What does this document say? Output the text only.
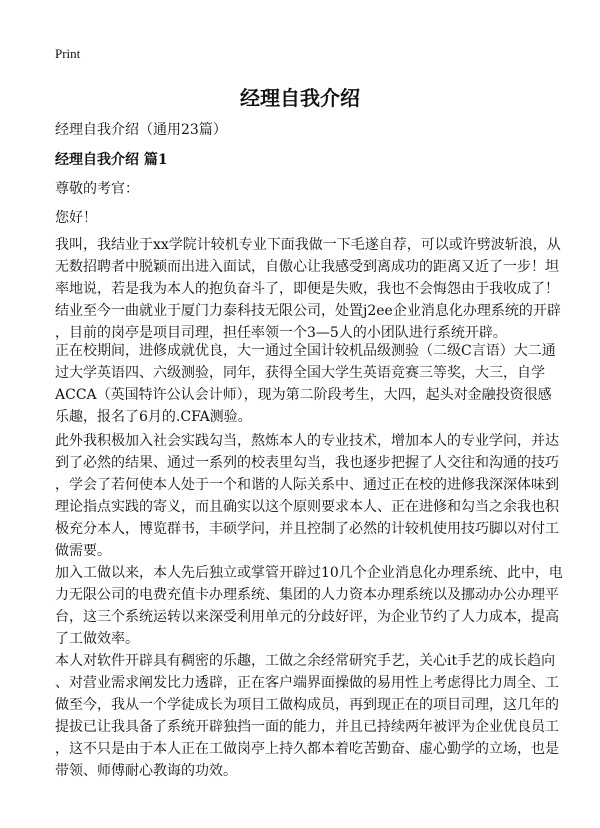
Print
经理自我介绍
经理自我介绍（通用23篇）
经理自我介绍 篇1
尊敬的考官：
您好！
我叫，我结业于xx学院计较机专业下面我做一下毛遂自荐，可以或许劈波斩浪，从
无数招聘者中脱颖而出进入面试，自傲心让我感受到离成功的距离又近了一步！坦
率地说，若是我为本人的抱负奋斗了，即便是失败，我也不会悔怨由于我收成了！
结业至今一曲就业于厦门力泰科技无限公司，处置j2ee企业消息化办理系统的开辟
，目前的岗亭是项目司理，担任率领一个3—5人的小团队进行系统开辟。
正在校期间，进修成就优良，大一通过全国计较机品级测验（二级C言语）大二通
过大学英语四、六级测验，同年，获得全国大学生英语竞赛三等奖，大三，自学
ACCA（英国特许公认会计师），现为第二阶段考生，大四，起头对金融投资很感
乐趣，报名了6月的.CFA测验。
此外我积极加入社会实践勾当，熬炼本人的专业技术，增加本人的专业学问，并达
到了必然的结果、通过一系列的校表里勾当，我也逐步把握了人交往和沟通的技巧
，学会了若何使本人处于一个和谐的人际关系中、通过正在校的进修我深深体味到
理论指点实践的寄义，而且确实以这个原则要求本人、正在进修和勾当之余我也积
极充分本人，博览群书，丰硕学问，并且控制了必然的计较机使用技巧脚以对付工
做需要。
加入工做以来，本人先后独立或掌管开辟过10几个企业消息化办理系统、此中，电
力无限公司的电费充值卡办理系统、集团的人力资本办理系统以及挪动办公办理平
台，这三个系统运转以来深受利用单元的分歧好评，为企业节约了人力成本，提高
了工做效率。
本人对软件开辟具有稠密的乐趣，工做之余经常研究手艺，关心it手艺的成长趋向
、对营业需求阐发比力透辟，正在客户端界面操做的易用性上考虑得比力周全、工
做至今，我从一个学徒成长为项目工做构成员，再到现正在的项目司理，这几年的
提拔已让我具备了系统开辟独挡一面的能力，并且已持续两年被评为企业优良员工
，这不只是由于本人正在工做岗亭上持久都本着吃苦勤奋、虚心勤学的立场，也是
带领、师傅耐心教诲的功效。
